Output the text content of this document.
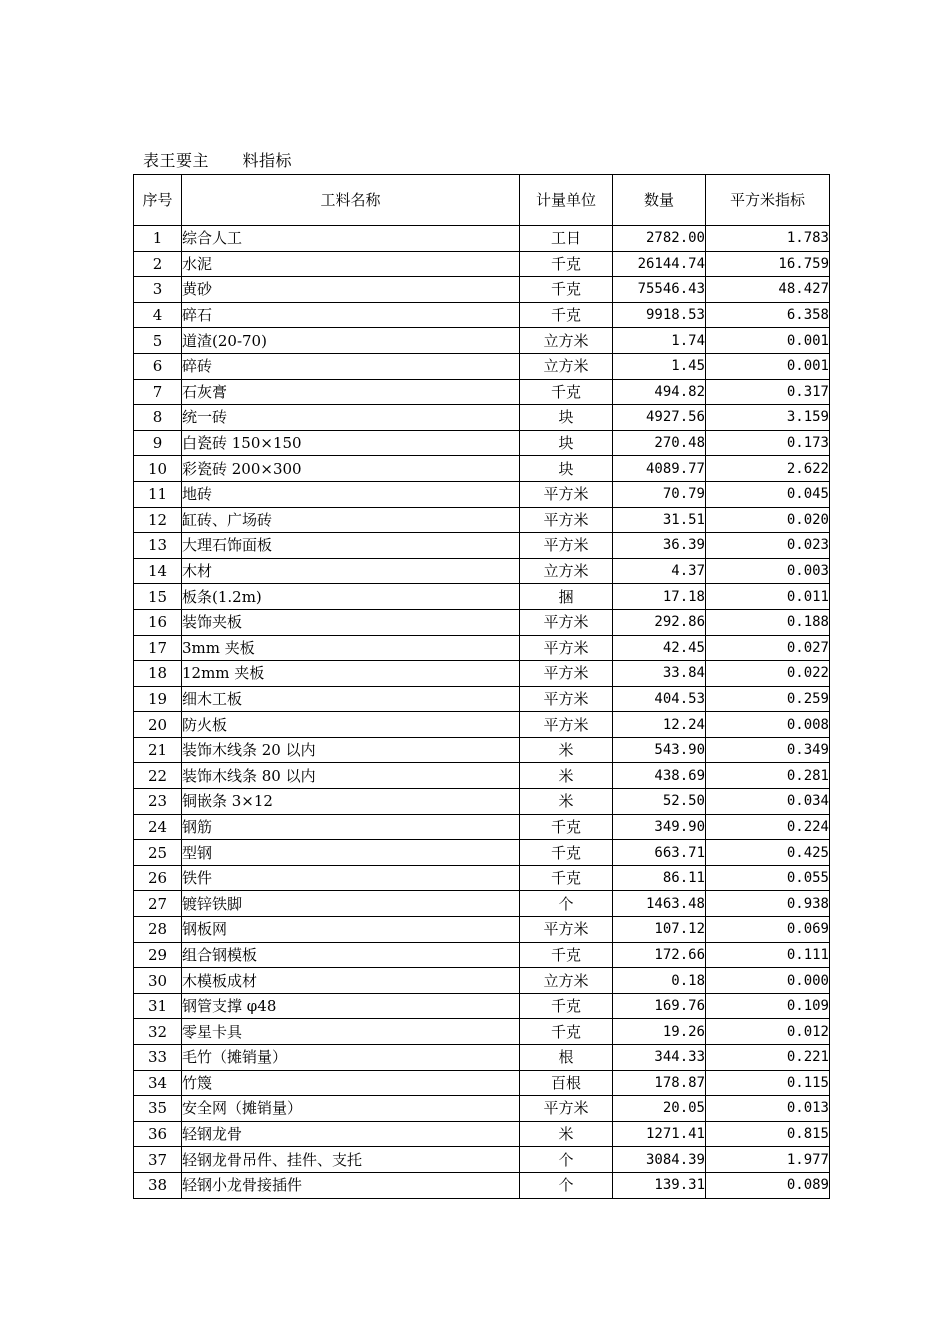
表王要主      料指标
序号	工料名称	计量单位	数量	平方米指标
1	综合人工	工日	2782.00	1.783
2	水泥	千克	26144.74	16.759
3	黄砂	千克	75546.43	48.427
4	碎石	千克	9918.53	6.358
5	道渣(20-70)	立方米	1.74	0.001
6	碎砖	立方米	1.45	0.001
7	石灰膏	千克	494.82	0.317
8	统一砖	块	4927.56	3.159
9	白瓷砖 150×150	块	270.48	0.173
10	彩瓷砖 200×300	块	4089.77	2.622
11	地砖	平方米	70.79	0.045
12	缸砖、广场砖	平方米	31.51	0.020
13	大理石饰面板	平方米	36.39	0.023
14	木材	立方米	4.37	0.003
15	板条(1.2m)	捆	17.18	0.011
16	装饰夹板	平方米	292.86	0.188
17	3mm 夹板	平方米	42.45	0.027
18	12mm 夹板	平方米	33.84	0.022
19	细木工板	平方米	404.53	0.259
20	防火板	平方米	12.24	0.008
21	装饰木线条 20 以内	米	543.90	0.349
22	装饰木线条 80 以内	米	438.69	0.281
23	铜嵌条 3×12	米	52.50	0.034
24	钢筋	千克	349.90	0.224
25	型钢	千克	663.71	0.425
26	铁件	千克	86.11	0.055
27	镀锌铁脚	个	1463.48	0.938
28	钢板网	平方米	107.12	0.069
29	组合钢模板	千克	172.66	0.111
30	木模板成材	立方米	0.18	0.000
31	钢管支撑 φ48	千克	169.76	0.109
32	零星卡具	千克	19.26	0.012
33	毛竹（摊销量）	根	344.33	0.221
34	竹篾	百根	178.87	0.115
35	安全网（摊销量）	平方米	20.05	0.013
36	轻钢龙骨	米	1271.41	0.815
37	轻钢龙骨吊件、挂件、支托	个	3084.39	1.977
38	轻钢小龙骨接插件	个	139.31	0.089
